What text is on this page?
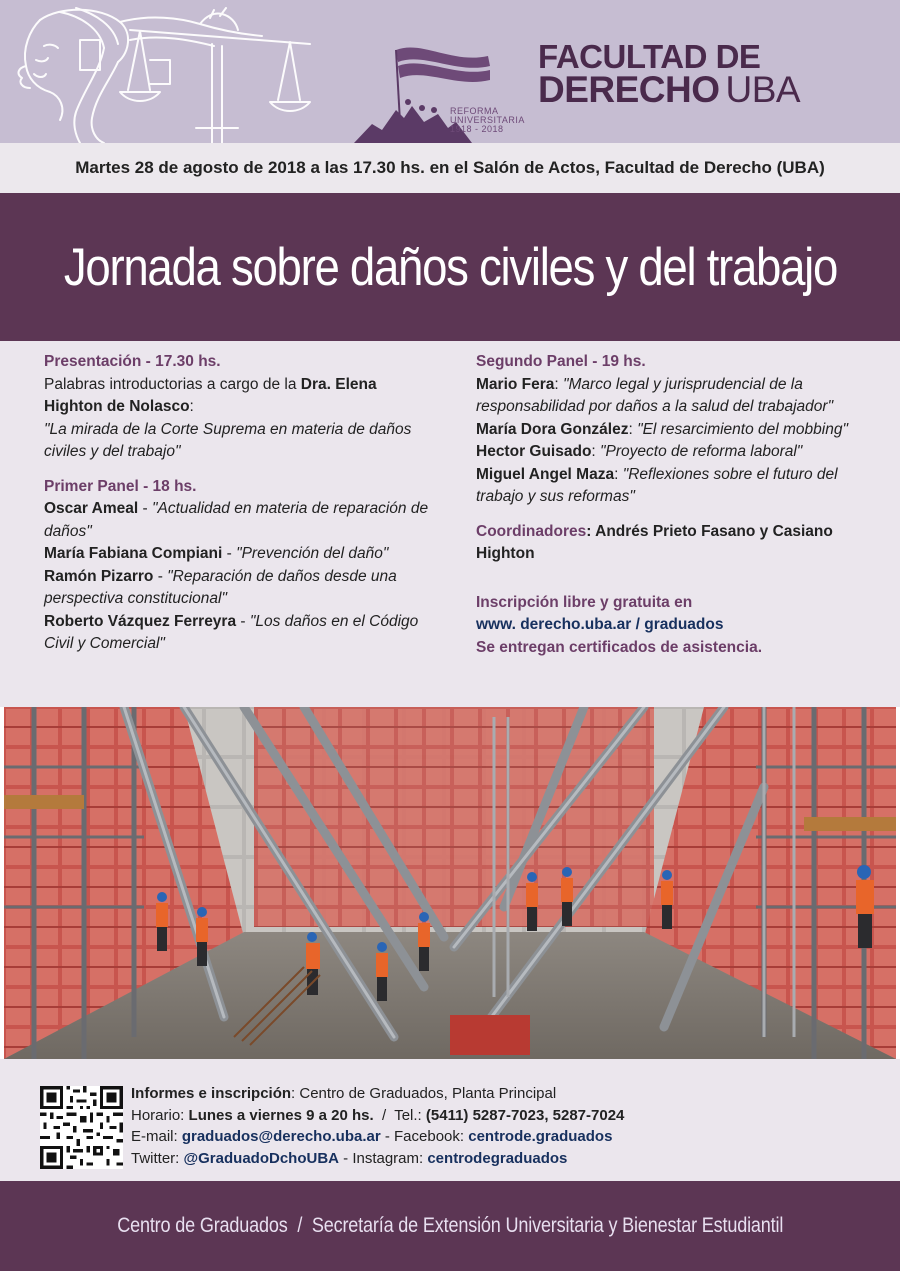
REFORMA
UNIVERSITARIA
1918 - 2018
FACULTAD DE
DERECHO UBA
Martes 28 de agosto de 2018 a las 17.30 hs. en el Salón de Actos, Facultad de Derecho (UBA)
Jornada sobre daños civiles y del trabajo
Presentación - 17.30 hs.
Palabras introductorias a cargo de la Dra. Elena Highton de Nolasco:
"La mirada de la Corte Suprema en materia de daños civiles y del trabajo"
Primer Panel - 18 hs.
Oscar Ameal - "Actualidad en materia de reparación de daños"
María Fabiana Compiani - "Prevención del daño"
Ramón Pizarro - "Reparación de daños desde una perspectiva constitucional"
Roberto Vázquez Ferreyra - "Los daños en el Código Civil y Comercial"
Segundo Panel - 19 hs.
Mario Fera: "Marco legal y jurisprudencial de la responsabilidad por daños a la salud del trabajador"
María Dora González: "El resarcimiento del mobbing"
Hector Guisado: "Proyecto de reforma laboral"
Miguel Angel Maza: "Reflexiones sobre el futuro del trabajo y sus reformas"
Coordinadores: Andrés Prieto Fasano y Casiano Highton
Inscripción libre y gratuita en
www. derecho.uba.ar / graduados
Se entregan certificados de asistencia.
Informes e inscripción: Centro de Graduados, Planta Principal
Horario: Lunes a viernes 9 a 20 hs.  /  Tel.: (5411) 5287-7023, 5287-7024
E-mail: graduados@derecho.uba.ar - Facebook: centrode.graduados
Twitter: @GraduadoDchoUBA - Instagram: centrodegraduados
Centro de Graduados  /  Secretaría de Extensión Universitaria y Bienestar Estudiantil
